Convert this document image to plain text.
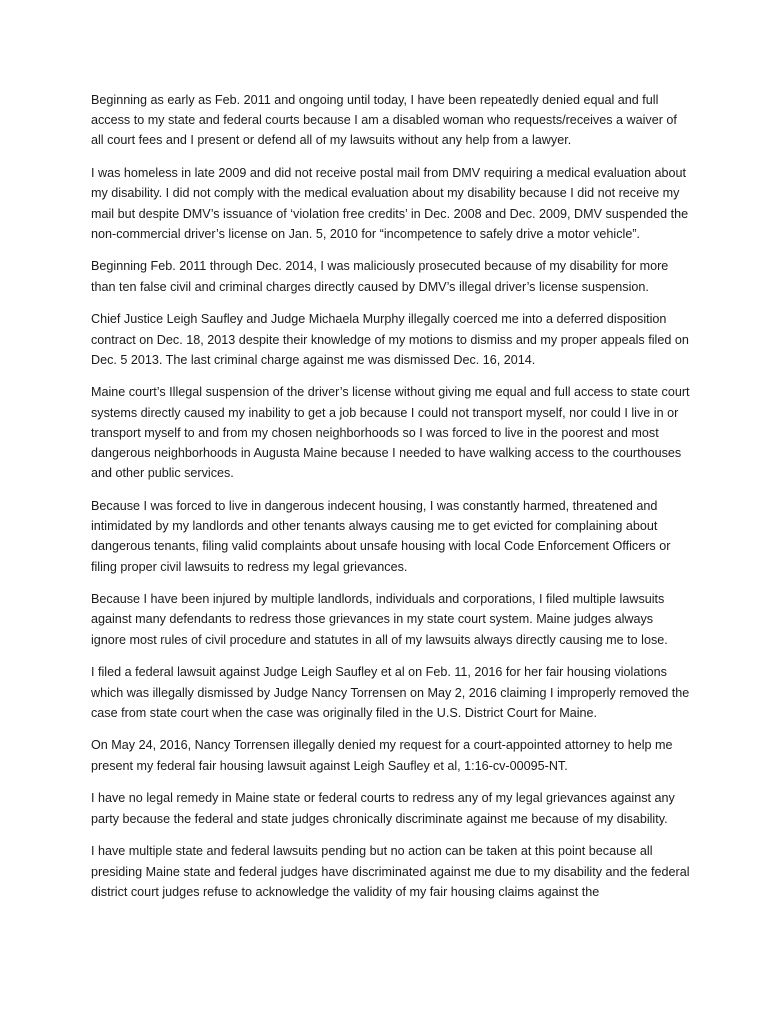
Beginning as early as Feb. 2011 and ongoing until today, I have been repeatedly denied equal and full access to my state and federal courts because I am a disabled woman who requests/receives a waiver of all court fees and I present or defend all of my lawsuits without any help from a lawyer.

I was homeless in late 2009 and did not receive postal mail from DMV requiring a medical evaluation about my disability. I did not comply with the medical evaluation about my disability because I did not receive my mail but despite DMV’s issuance of ‘violation free credits’ in Dec. 2008 and Dec. 2009, DMV suspended the non-commercial driver’s license on Jan. 5, 2010 for “incompetence to safely drive a motor vehicle”.

Beginning Feb. 2011 through Dec. 2014, I was maliciously prosecuted because of my disability for more than ten false civil and criminal charges directly caused by DMV’s illegal driver’s license suspension.

Chief Justice Leigh Saufley and Judge Michaela Murphy illegally coerced me into a deferred disposition contract on Dec. 18, 2013 despite their knowledge of my motions to dismiss and my proper appeals filed on Dec. 5 2013. The last criminal charge against me was dismissed Dec. 16, 2014.

Maine court’s Illegal suspension of the driver’s license without giving me equal and full access to state court systems directly caused my inability to get a job because I could not transport myself, nor could I live in or transport myself to and from my chosen neighborhoods so I was forced to live in the poorest and most dangerous neighborhoods in Augusta Maine because I needed to have walking access to the courthouses and other public services.

Because I was forced to live in dangerous indecent housing, I was constantly harmed, threatened and intimidated by my landlords and other tenants always causing me to get evicted for complaining about dangerous tenants, filing valid complaints about unsafe housing with local Code Enforcement Officers or filing proper civil lawsuits to redress my legal grievances.

Because I have been injured by multiple landlords, individuals and corporations, I filed multiple lawsuits against many defendants to redress those grievances in my state court system. Maine judges always ignore most rules of civil procedure and statutes in all of my lawsuits always directly causing me to lose.

I filed a federal lawsuit against Judge Leigh Saufley et al on Feb. 11, 2016 for her fair housing violations which was illegally dismissed by Judge Nancy Torrensen on May 2, 2016 claiming I improperly removed the case from state court when the case was originally filed in the U.S. District Court for Maine.

On May 24, 2016, Nancy Torrensen illegally denied my request for a court-appointed attorney to help me present my federal fair housing lawsuit against Leigh Saufley et al, 1:16-cv-00095-NT.

I have no legal remedy in Maine state or federal courts to redress any of my legal grievances against any party because the federal and state judges chronically discriminate against me because of my disability.

I have multiple state and federal lawsuits pending but no action can be taken at this point because all presiding Maine state and federal judges have discriminated against me due to my disability and the federal district court judges refuse to acknowledge the validity of my fair housing claims against the
